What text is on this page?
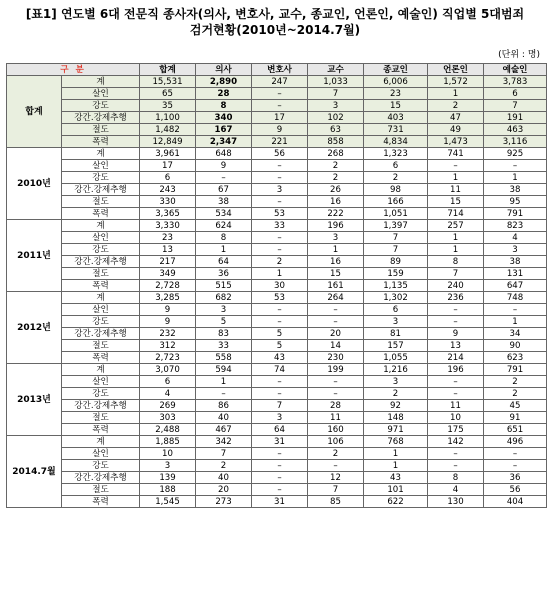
[표1] 연도별 6대 전문직 종사자(의사, 변호사, 교수, 종교인, 언론인, 예술인) 직업별 5대범죄
검거현황(2010년~2014.7월)
(단위 : 명)
구 분		합계	의사	변호사	교수	종교인	언론인	예술인
합계	계	15,531	2,890	247	1,033	6,006	1,572	3,783
	살인	65	28	–	7	23	1	6
	강도	35	8	–	3	15	2	7
	강간.강제추행	1,100	340	17	102	403	47	191
	절도	1,482	167	9	63	731	49	463
	폭력	12,849	2,347	221	858	4,834	1,473	3,116
2010년	계	3,961	648	56	268	1,323	741	925
	살인	17	9	–	2	6	–	–
	강도	6	–	–	2	2	1	1
	강간.강제추행	243	67	3	26	98	11	38
	절도	330	38	–	16	166	15	95
	폭력	3,365	534	53	222	1,051	714	791
2011년	계	3,330	624	33	196	1,397	257	823
	살인	23	8	–	3	7	1	4
	강도	13	1	–	1	7	1	3
	강간.강제추행	217	64	2	16	89	8	38
	절도	349	36	1	15	159	7	131
	폭력	2,728	515	30	161	1,135	240	647
2012년	계	3,285	682	53	264	1,302	236	748
	살인	9	3	–	–	6	–	–
	강도	9	5	–	–	3	–	1
	강간.강제추행	232	83	5	20	81	9	34
	절도	312	33	5	14	157	13	90
	폭력	2,723	558	43	230	1,055	214	623
2013년	계	3,070	594	74	199	1,216	196	791
	살인	6	1	–	–	3	–	2
	강도	4	–	–	–	2	–	2
	강간.강제추행	269	86	7	28	92	11	45
	절도	303	40	3	11	148	10	91
	폭력	2,488	467	64	160	971	175	651
2014.7월	계	1,885	342	31	106	768	142	496
	살인	10	7	–	2	1	–	–
	강도	3	2	–	–	1	–	–
	강간.강제추행	139	40	–	12	43	8	36
	절도	188	20	–	7	101	4	56
	폭력	1,545	273	31	85	622	130	404
